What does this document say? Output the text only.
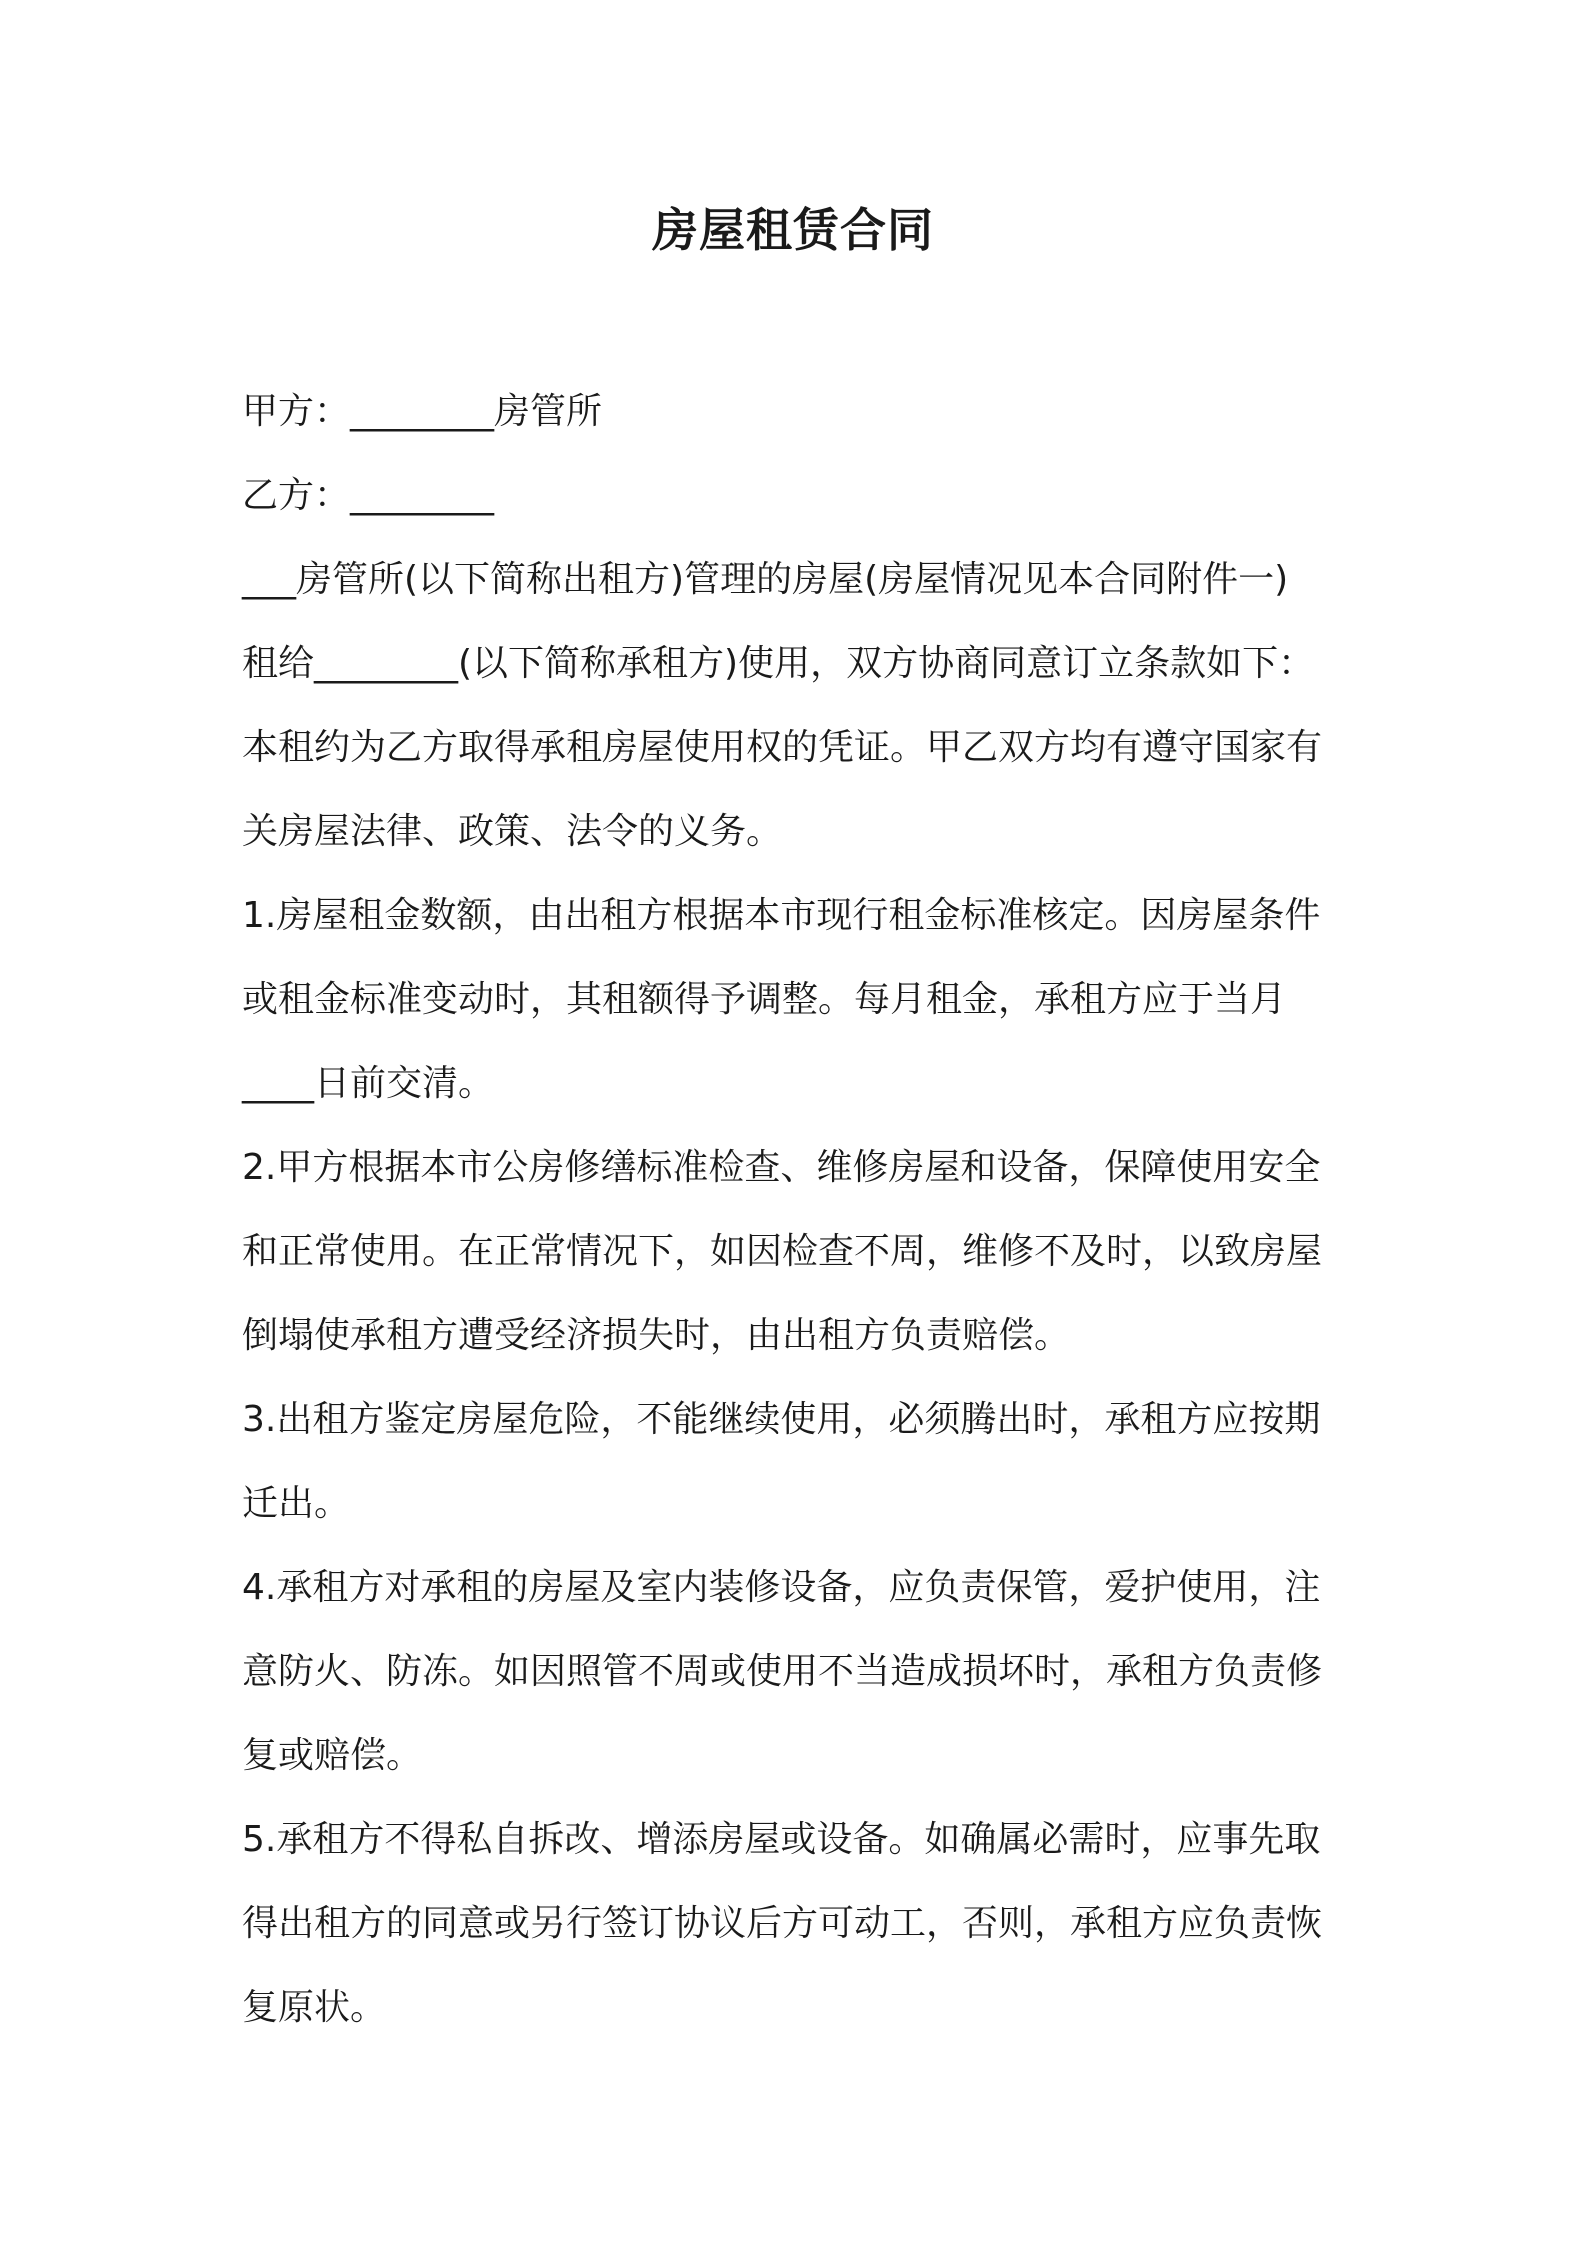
房屋租赁合同
甲方：________房管所
乙方：________
___房管所(以下简称出租方)管理的房屋(房屋情况见本合同附件一)
租给________(以下简称承租方)使用，双方协商同意订立条款如下：
本租约为乙方取得承租房屋使用权的凭证。甲乙双方均有遵守国家有
关房屋法律、政策、法令的义务。
1.房屋租金数额，由出租方根据本市现行租金标准核定。因房屋条件
或租金标准变动时，其租额得予调整。每月租金，承租方应于当月
____日前交清。
2.甲方根据本市公房修缮标准检查、维修房屋和设备，保障使用安全
和正常使用。在正常情况下，如因检查不周，维修不及时，以致房屋
倒塌使承租方遭受经济损失时，由出租方负责赔偿。
3.出租方鉴定房屋危险，不能继续使用，必须腾出时，承租方应按期
迁出。
4.承租方对承租的房屋及室内装修设备，应负责保管，爱护使用，注
意防火、防冻。如因照管不周或使用不当造成损坏时，承租方负责修
复或赔偿。
5.承租方不得私自拆改、增添房屋或设备。如确属必需时，应事先取
得出租方的同意或另行签订协议后方可动工，否则，承租方应负责恢
复原状。
